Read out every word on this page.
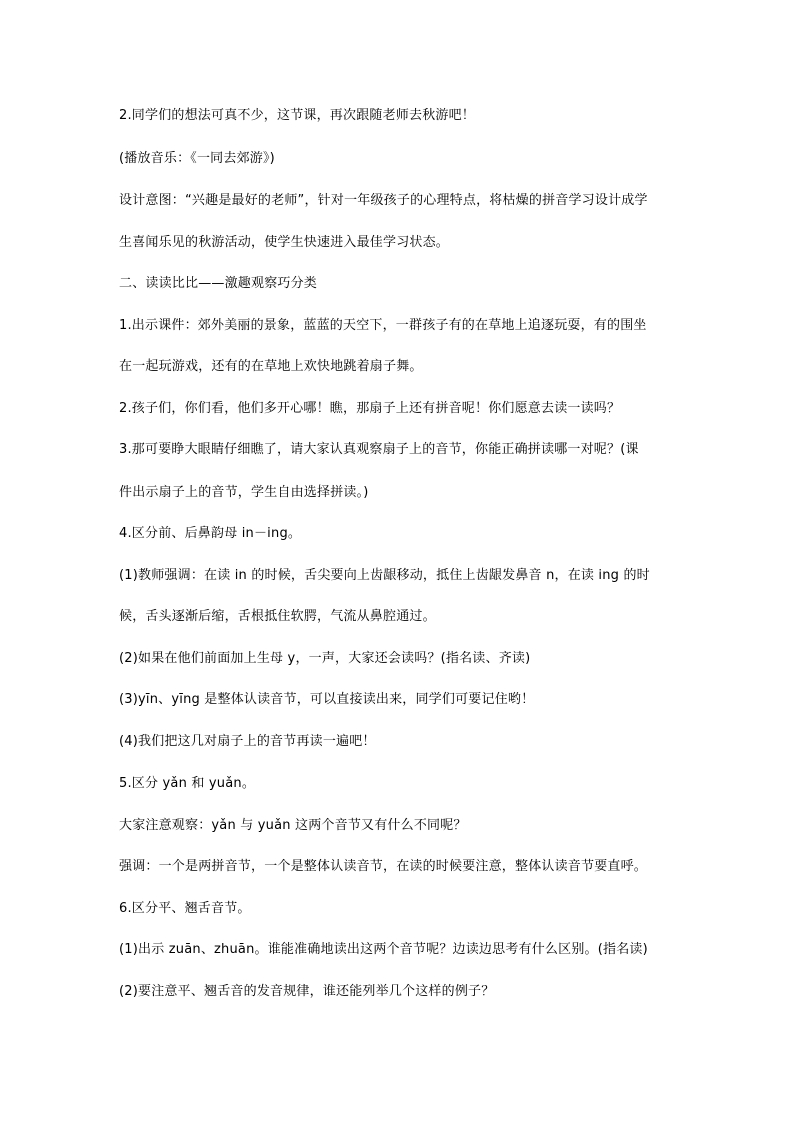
2.同学们的想法可真不少，这节课，再次跟随老师去秋游吧！
(播放音乐：《一同去郊游》)
设计意图：“兴趣是最好的老师”，针对一年级孩子的心理特点，将枯燥的拼音学习设计成学
生喜闻乐见的秋游活动，使学生快速进入最佳学习状态。
二、读读比比——激趣观察巧分类
1.出示课件：郊外美丽的景象，蓝蓝的天空下，一群孩子有的在草地上追逐玩耍，有的围坐
在一起玩游戏，还有的在草地上欢快地跳着扇子舞。
2.孩子们，你们看，他们多开心哪！瞧，那扇子上还有拼音呢！你们愿意去读一读吗？
3.那可要睁大眼睛仔细瞧了，请大家认真观察扇子上的音节，你能正确拼读哪一对呢？(课
件出示扇子上的音节，学生自由选择拼读。)
4.区分前、后鼻韵母 in－ing。
(1)教师强调：在读 in 的时候，舌尖要向上齿龈移动，抵住上齿龈发鼻音 n，在读 ing 的时
候，舌头逐渐后缩，舌根抵住软腭，气流从鼻腔通过。
(2)如果在他们前面加上生母 y，一声，大家还会读吗？(指名读、齐读)
(3)yīn、yīng 是整体认读音节，可以直接读出来，同学们可要记住哟！
(4)我们把这几对扇子上的音节再读一遍吧！
5.区分 yǎn 和 yuǎn。
大家注意观察：yǎn 与 yuǎn 这两个音节又有什么不同呢？
强调：一个是两拼音节，一个是整体认读音节，在读的时候要注意，整体认读音节要直呼。
6.区分平、翘舌音节。
(1)出示 zuān、zhuān。谁能准确地读出这两个音节呢？边读边思考有什么区别。(指名读)
(2)要注意平、翘舌音的发音规律，谁还能列举几个这样的例子？
